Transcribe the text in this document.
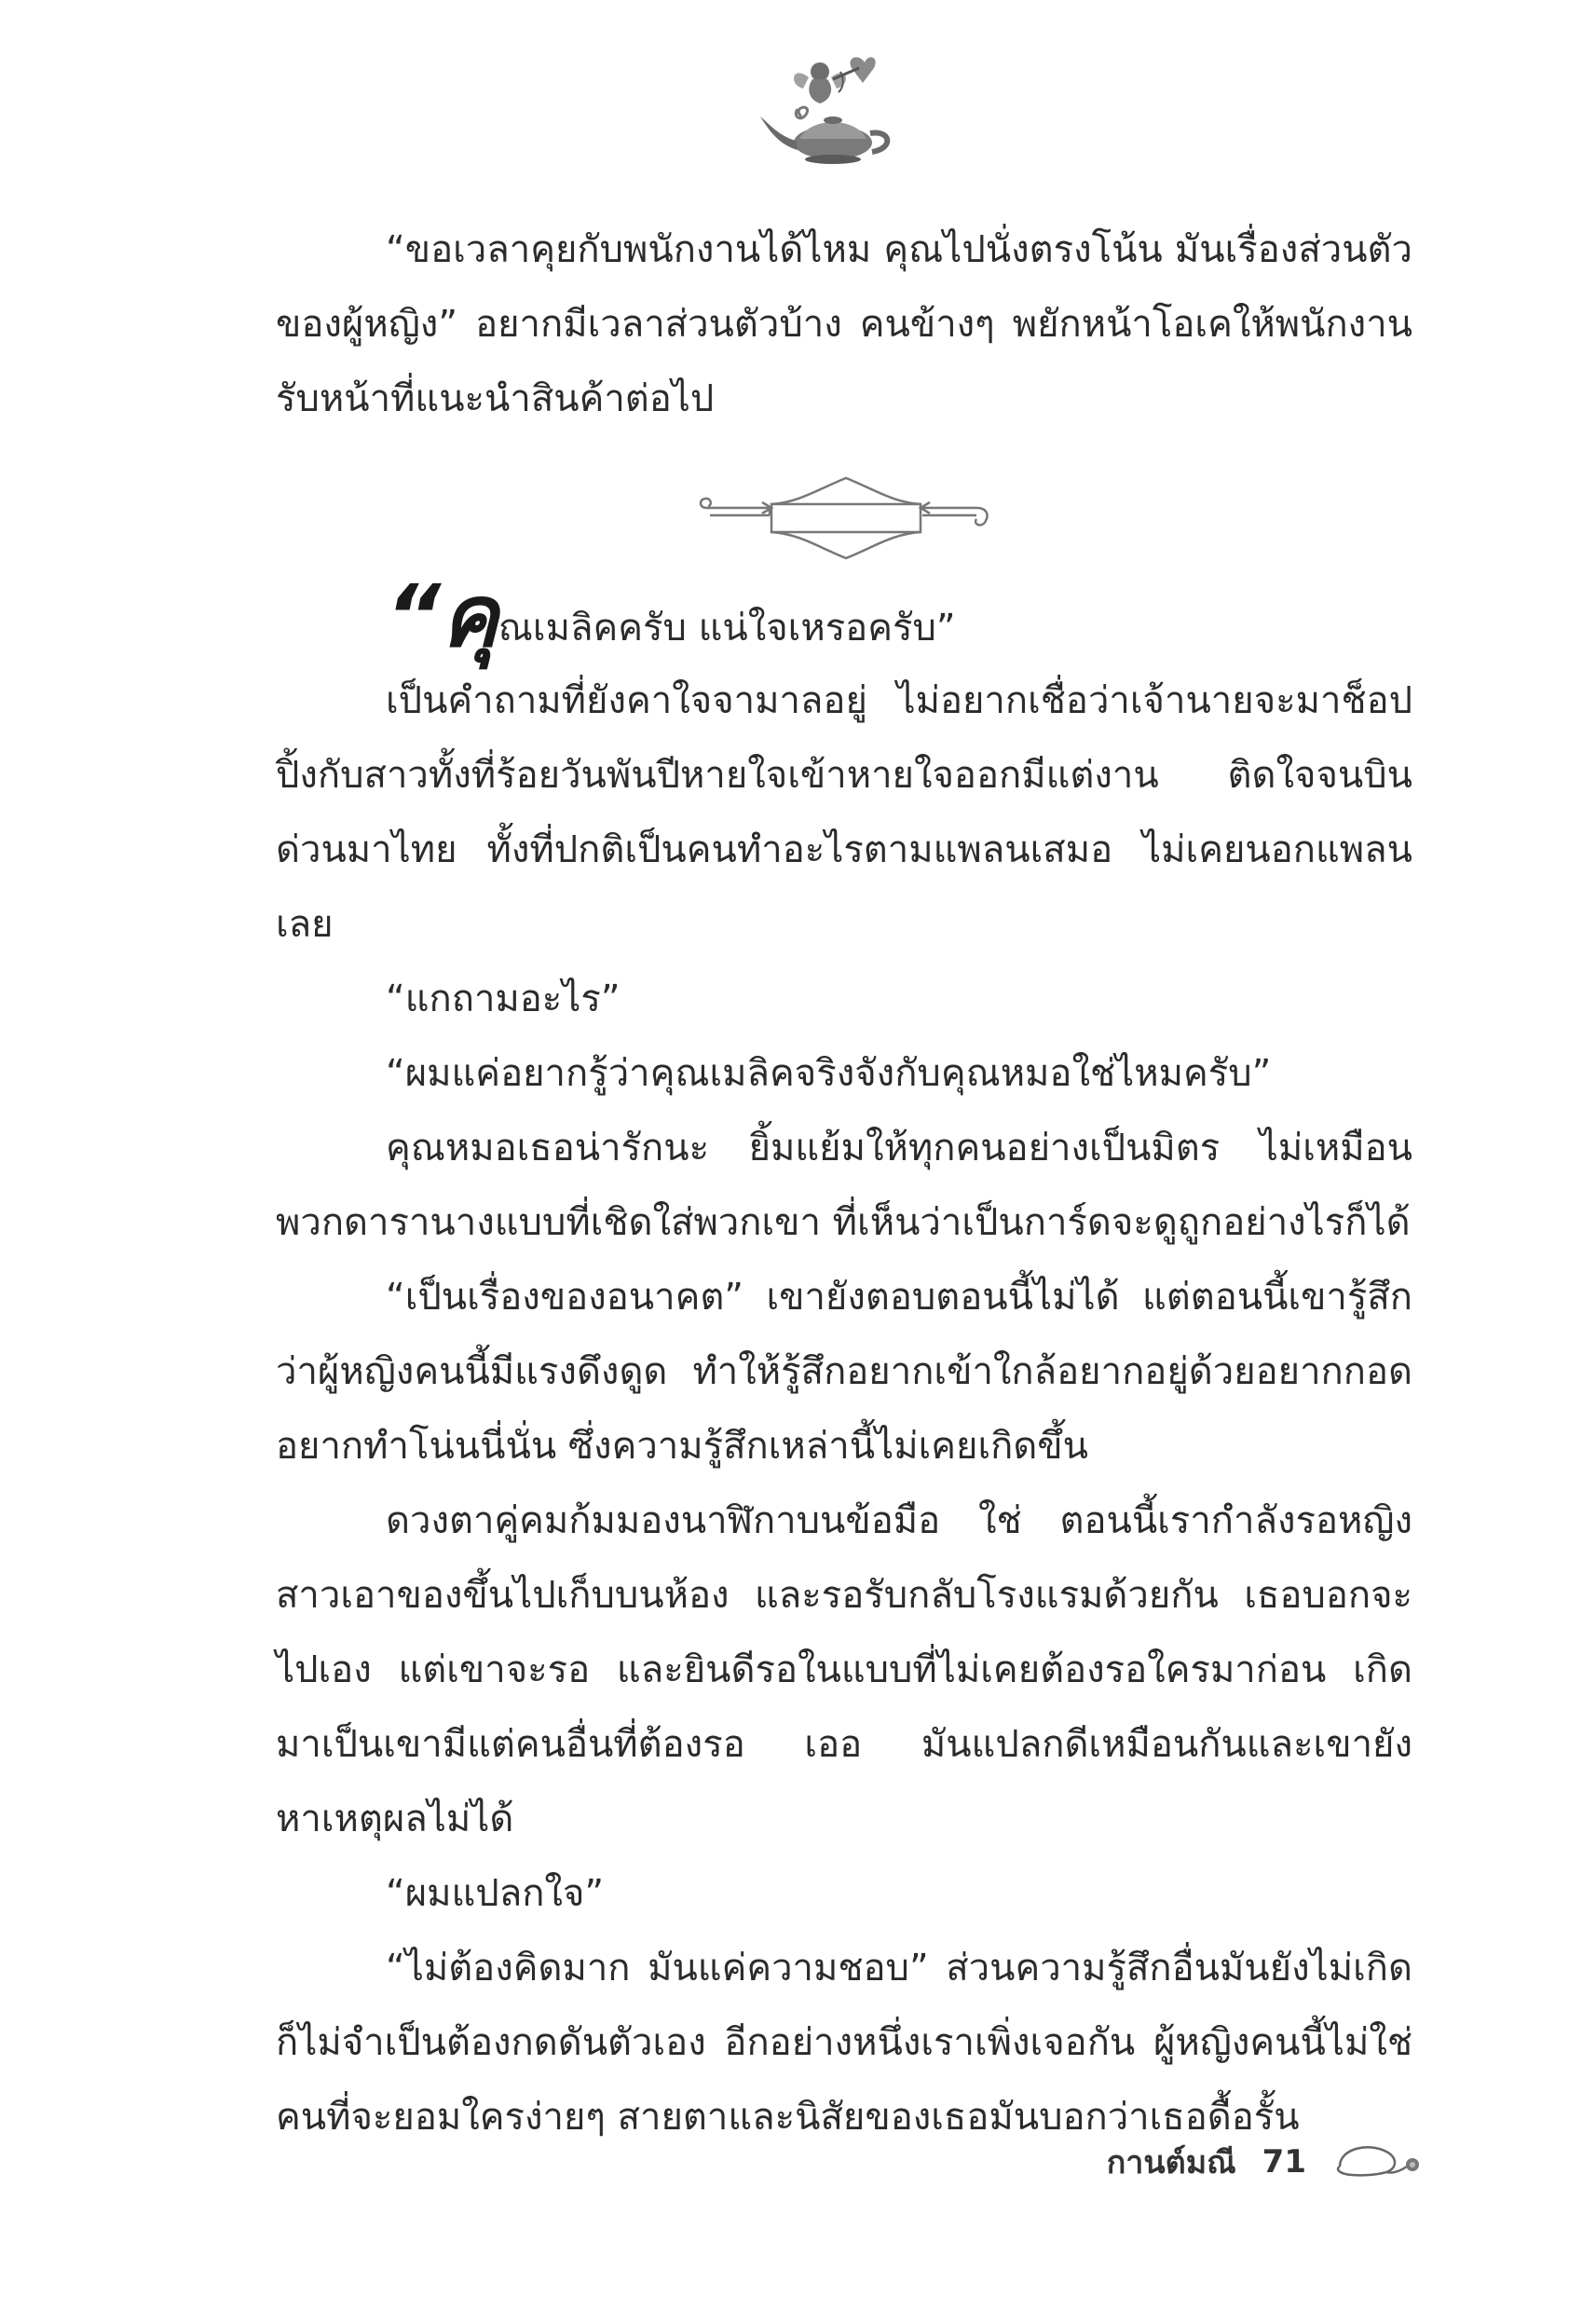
“ขอเวลาคุยกับพนักงานได้ไหม คุณไปนั่งตรงโน้น มันเรื่องส่วนตัวของผู้หญิง” อยากมีเวลาส่วนตัวบ้าง คนข้างๆ พยักหน้าโอเคให้พนักงานรับหน้าที่แนะนำสินค้าต่อไป

“คุณเมลิคครับ แน่ใจเหรอครับ”

เป็นคำถามที่ยังคาใจจามาลอยู่ ไม่อยากเชื่อว่าเจ้านายจะมาช็อปปิ้งกับสาวทั้งที่ร้อยวันพันปีหายใจเข้าหายใจออกมีแต่งาน ติดใจจนบินด่วนมาไทย ทั้งที่ปกติเป็นคนทำอะไรตามแพลนเสมอ ไม่เคยนอกแพลนเลย

“แกถามอะไร”

“ผมแค่อยากรู้ว่าคุณเมลิคจริงจังกับคุณหมอใช่ไหมครับ”

คุณหมอเธอน่ารักนะ ยิ้มแย้มให้ทุกคนอย่างเป็นมิตร ไม่เหมือนพวกดารานางแบบที่เชิดใส่พวกเขา ที่เห็นว่าเป็นการ์ดจะดูถูกอย่างไรก็ได้

“เป็นเรื่องของอนาคต” เขายังตอบตอนนี้ไม่ได้ แต่ตอนนี้เขารู้สึกว่าผู้หญิงคนนี้มีแรงดึงดูด ทำให้รู้สึกอยากเข้าใกล้อยากอยู่ด้วยอยากกอด อยากทำโน่นนี่นั่น ซึ่งความรู้สึกเหล่านี้ไม่เคยเกิดขึ้น

ดวงตาคู่คมก้มมองนาฬิกาบนข้อมือ ใช่ ตอนนี้เรากำลังรอหญิงสาวเอาของขึ้นไปเก็บบนห้อง และรอรับกลับโรงแรมด้วยกัน เธอบอกจะไปเอง แต่เขาจะรอ และยินดีรอในแบบที่ไม่เคยต้องรอใครมาก่อน เกิดมาเป็นเขามีแต่คนอื่นที่ต้องรอ เออ มันแปลกดีเหมือนกันและเขายังหาเหตุผลไม่ได้

“ผมแปลกใจ”

“ไม่ต้องคิดมาก มันแค่ความชอบ” ส่วนความรู้สึกอื่นมันยังไม่เกิดก็ไม่จำเป็นต้องกดดันตัวเอง อีกอย่างหนึ่งเราเพิ่งเจอกัน ผู้หญิงคนนี้ไม่ใช่คนที่จะยอมใครง่ายๆ สายตาและนิสัยของเธอมันบอกว่าเธอดื้อรั้น

กานต์มณี 71
